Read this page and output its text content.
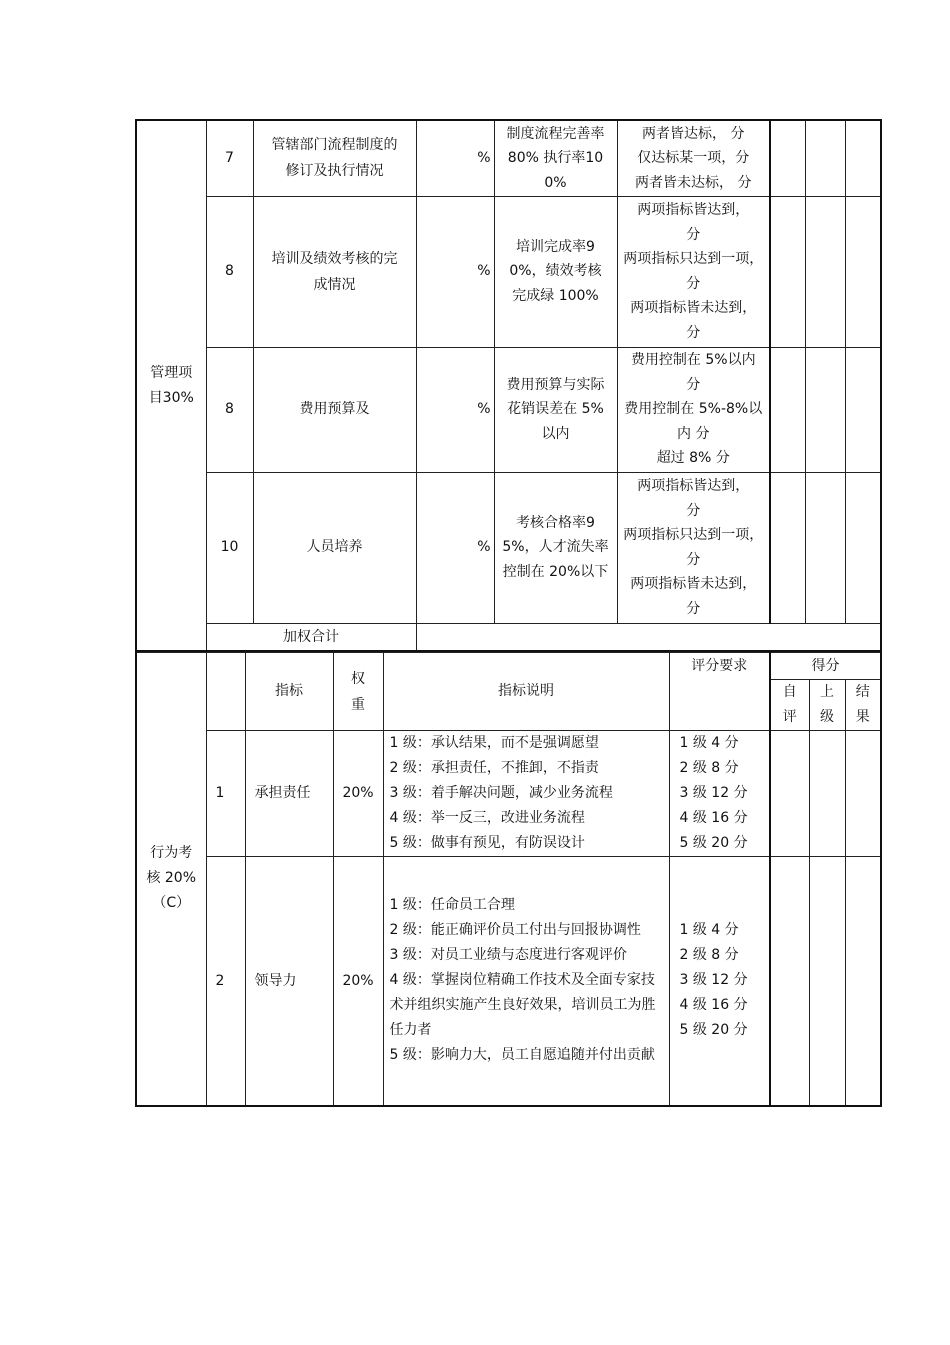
管理项目30%	7	管辖部门流程制度的修订及执行情况	%	制度流程完善率 80% 执行率100%	两者皆达标， 分
仅达标某一项，分
两者皆未达标， 分			

	8	培训及绩效考核的完成情况	%	培训完成率90%，绩效考核完成绿 100%	两项指标皆达到，
分
两项指标只达到一项，分
两项指标皆未达到， 分			

	8	费用预算及	%	费用预算与实际花销误差在 5%以内	费用控制在 5%以内
分
费用控制在 5%-8%以内 分
超过 8% 分			

	10	人员培养	%	考核合格率95%，人才流失率控制在 20%以下	两项指标皆达到，
分
两项指标只达到一项， 分
两项指标皆未达到， 分			

	加权合计							
行为考核 20%（C）		指标	权重	指标说明	评分要求	得分		
						自评	上级	结果
	1	承担责任	20%	1 级：承认结果，而不是强调愿望
2 级：承担责任，不推卸，不指责
3 级：着手解决问题，减少业务流程
4 级：举一反三，改进业务流程
5 级：做事有预见，有防误设计	1 级 4 分
2 级 8 分
3 级 12 分
4 级 16 分
5 级 20 分			

	2	领导力	20%	1 级：任命员工合理
2 级：能正确评价员工付出与回报协调性
3 级：对员工业绩与态度进行客观评价
4 级：掌握岗位精确工作技术及全面专家技术并组织实施产生良好效果，培训员工为胜任力者
5 级：影响力大，员工自愿追随并付出贡献	1 级 4 分
2 级 8 分
3 级 12 分
4 级 16 分
5 级 20 分			
